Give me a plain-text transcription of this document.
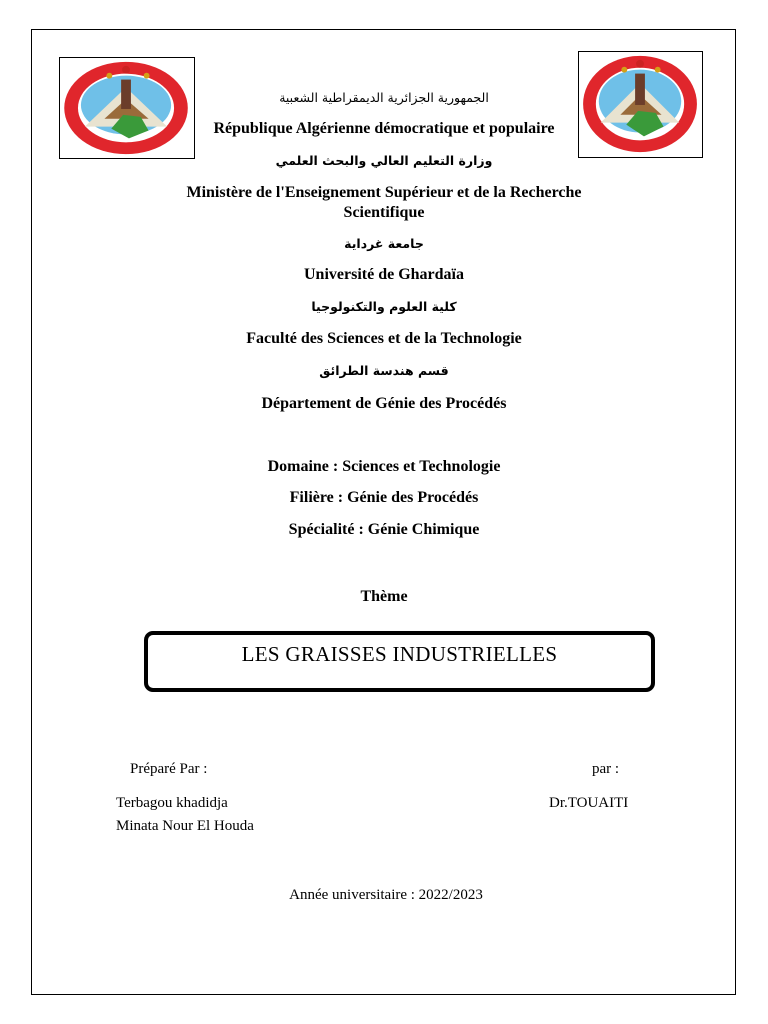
الجمهورية الجزائرية الديمقراطية الشعبية
République Algérienne démocratique et populaire
وزارة التعليم العالي والبحث العلمي
Ministère de l'Enseignement Supérieur et de la Recherche
Scientifique
جامعة غرداية
Université de Ghardaïa
كلية العلوم والتكنولوجيا
Faculté des Sciences et de la Technologie
قسم هندسة الطرائق
Département de Génie des Procédés
Domaine : Sciences et Technologie
Filière : Génie des Procédés
Spécialité : Génie Chimique
Thème
LES GRAISSES INDUSTRIELLES
Préparé Par :	par :
Terbagou khadidja
Minata Nour El Houda
Dr.TOUAITI
Année universitaire : 2022/2023
